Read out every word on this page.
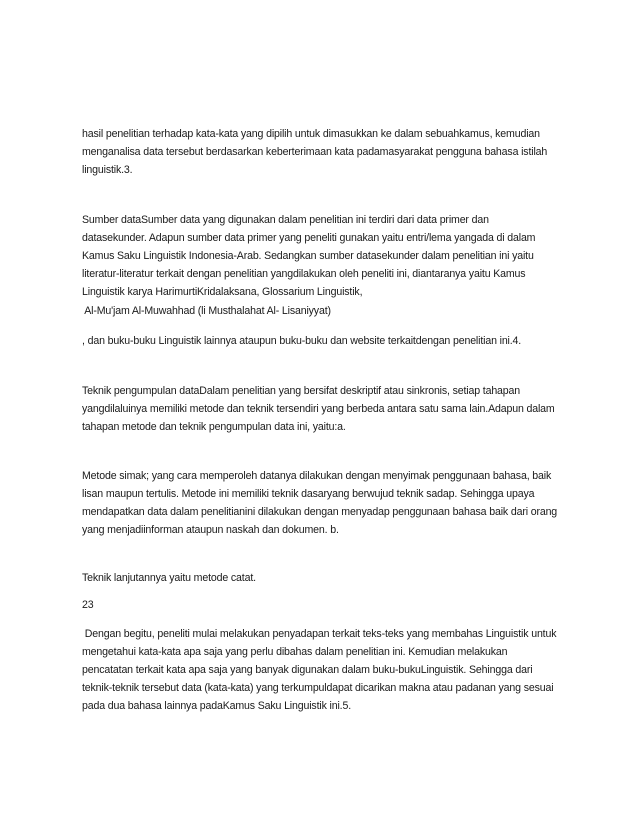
hasil penelitian terhadap kata-kata yang dipilih untuk dimasukkan ke dalam sebuahkamus, kemudian
menganalisa data tersebut berdasarkan keberterimaan kata padamasyarakat pengguna bahasa istilah
linguistik.3.

Sumber dataSumber data yang digunakan dalam penelitian ini terdiri dari data primer dan
datasekunder. Adapun sumber data primer yang peneliti gunakan yaitu entri/lema yangada di dalam
Kamus Saku Linguistik Indonesia-Arab. Sedangkan sumber datasekunder dalam penelitian ini yaitu
literatur-literatur terkait dengan penelitian yangdilakukan oleh peneliti ini, diantaranya yaitu Kamus
Linguistik karya HarimurtiKridalaksana, Glossarium Linguistik,

Al-Mu'jam Al-Muwahhad (li Musthalahat Al- Lisaniyyat)

, dan buku-buku Linguistik lainnya ataupun buku-buku dan website terkaitdengan penelitian ini.4.

Teknik pengumpulan dataDalam penelitian yang bersifat deskriptif atau sinkronis, setiap tahapan
yangdilaluinya memiliki metode dan teknik tersendiri yang berbeda antara satu sama lain.Adapun dalam
tahapan metode dan teknik pengumpulan data ini, yaitu:a.

Metode simak; yang cara memperoleh datanya dilakukan dengan menyimak penggunaan bahasa, baik
lisan maupun tertulis. Metode ini memiliki teknik dasaryang berwujud teknik sadap. Sehingga upaya
mendapatkan data dalam penelitianini dilakukan dengan menyadap penggunaan bahasa baik dari orang
yang menjadiinforman ataupun naskah dan dokumen. b.

Teknik lanjutannya yaitu metode catat.

23

Dengan begitu, peneliti mulai melakukan penyadapan terkait teks-teks yang membahas Linguistik untuk
mengetahui kata-kata apa saja yang perlu dibahas dalam penelitian ini. Kemudian melakukan
pencatatan terkait kata apa saja yang banyak digunakan dalam buku-bukuLinguistik. Sehingga dari
teknik-teknik tersebut data (kata-kata) yang terkumpuldapat dicarikan makna atau padanan yang sesuai
pada dua bahasa lainnya padaKamus Saku Linguistik ini.5.
